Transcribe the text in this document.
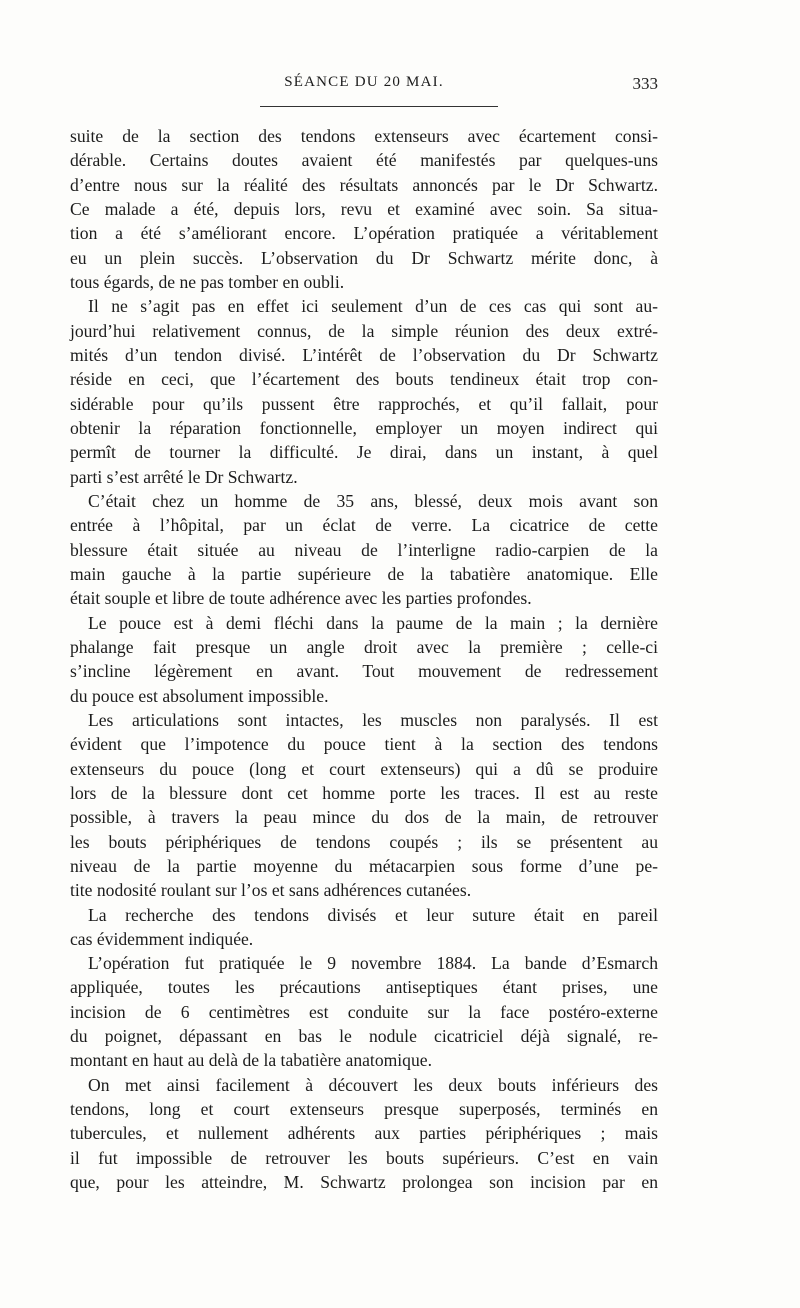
SÉANCE DU 20 MAI.	333
suite de la section des tendons extenseurs avec écartement consi-
dérable. Certains doutes avaient été manifestés par quelques-uns
d’entre nous sur la réalité des résultats annoncés par le Dr Schwartz.
Ce malade a été, depuis lors, revu et examiné avec soin. Sa situa-
tion a été s’améliorant encore. L’opération pratiquée a véritablement
eu un plein succès. L’observation du Dr Schwartz mérite donc, à
tous égards, de ne pas tomber en oubli.
Il ne s’agit pas en effet ici seulement d’un de ces cas qui sont au-
jourd’hui relativement connus, de la simple réunion des deux extré-
mités d’un tendon divisé. L’intérêt de l’observation du Dr Schwartz
réside en ceci, que l’écartement des bouts tendineux était trop con-
sidérable pour qu’ils pussent être rapprochés, et qu’il fallait, pour
obtenir la réparation fonctionnelle, employer un moyen indirect qui
permît de tourner la difficulté. Je dirai, dans un instant, à quel
parti s’est arrêté le Dr Schwartz.
C’était chez un homme de 35 ans, blessé, deux mois avant son
entrée à l’hôpital, par un éclat de verre. La cicatrice de cette
blessure était située au niveau de l’interligne radio-carpien de la
main gauche à la partie supérieure de la tabatière anatomique. Elle
était souple et libre de toute adhérence avec les parties profondes.
Le pouce est à demi fléchi dans la paume de la main ; la dernière
phalange fait presque un angle droit avec la première ; celle-ci
s’incline légèrement en avant. Tout mouvement de redressement
du pouce est absolument impossible.
Les articulations sont intactes, les muscles non paralysés. Il est
évident que l’impotence du pouce tient à la section des tendons
extenseurs du pouce (long et court extenseurs) qui a dû se produire
lors de la blessure dont cet homme porte les traces. Il est au reste
possible, à travers la peau mince du dos de la main, de retrouver
les bouts périphériques de tendons coupés ; ils se présentent au
niveau de la partie moyenne du métacarpien sous forme d’une pe-
tite nodosité roulant sur l’os et sans adhérences cutanées.
La recherche des tendons divisés et leur suture était en pareil
cas évidemment indiquée.
L’opération fut pratiquée le 9 novembre 1884. La bande d’Esmarch
appliquée, toutes les précautions antiseptiques étant prises, une
incision de 6 centimètres est conduite sur la face postéro-externe
du poignet, dépassant en bas le nodule cicatriciel déjà signalé, re-
montant en haut au delà de la tabatière anatomique.
On met ainsi facilement à découvert les deux bouts inférieurs des
tendons, long et court extenseurs presque superposés, terminés en
tubercules, et nullement adhérents aux parties périphériques ; mais
il fut impossible de retrouver les bouts supérieurs. C’est en vain
que, pour les atteindre, M. Schwartz prolongea son incision par en
